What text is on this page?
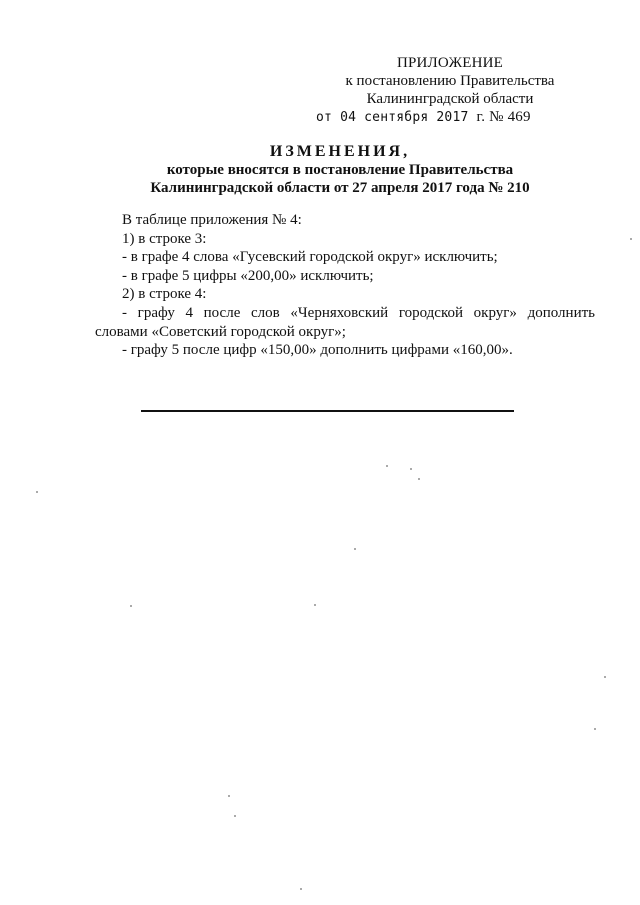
ПРИЛОЖЕНИЕ
к постановлению Правительства
Калининградской области
от 04 сентября 2017 г. № 469
ИЗМЕНЕНИЯ,
которые вносятся в постановление Правительства
Калининградской области от 27 апреля 2017 года № 210

В таблице приложения № 4:

1) в строке 3:

- в графе 4 слова «Гусевский городской округ» исключить;

- в графе 5 цифры «200,00» исключить;

2) в строке 4:

- графу 4 после слов «Черняховский городской округ» дополнить

словами «Советский городской округ»;

- графу 5 после цифр «150,00» дополнить цифрами «160,00».
